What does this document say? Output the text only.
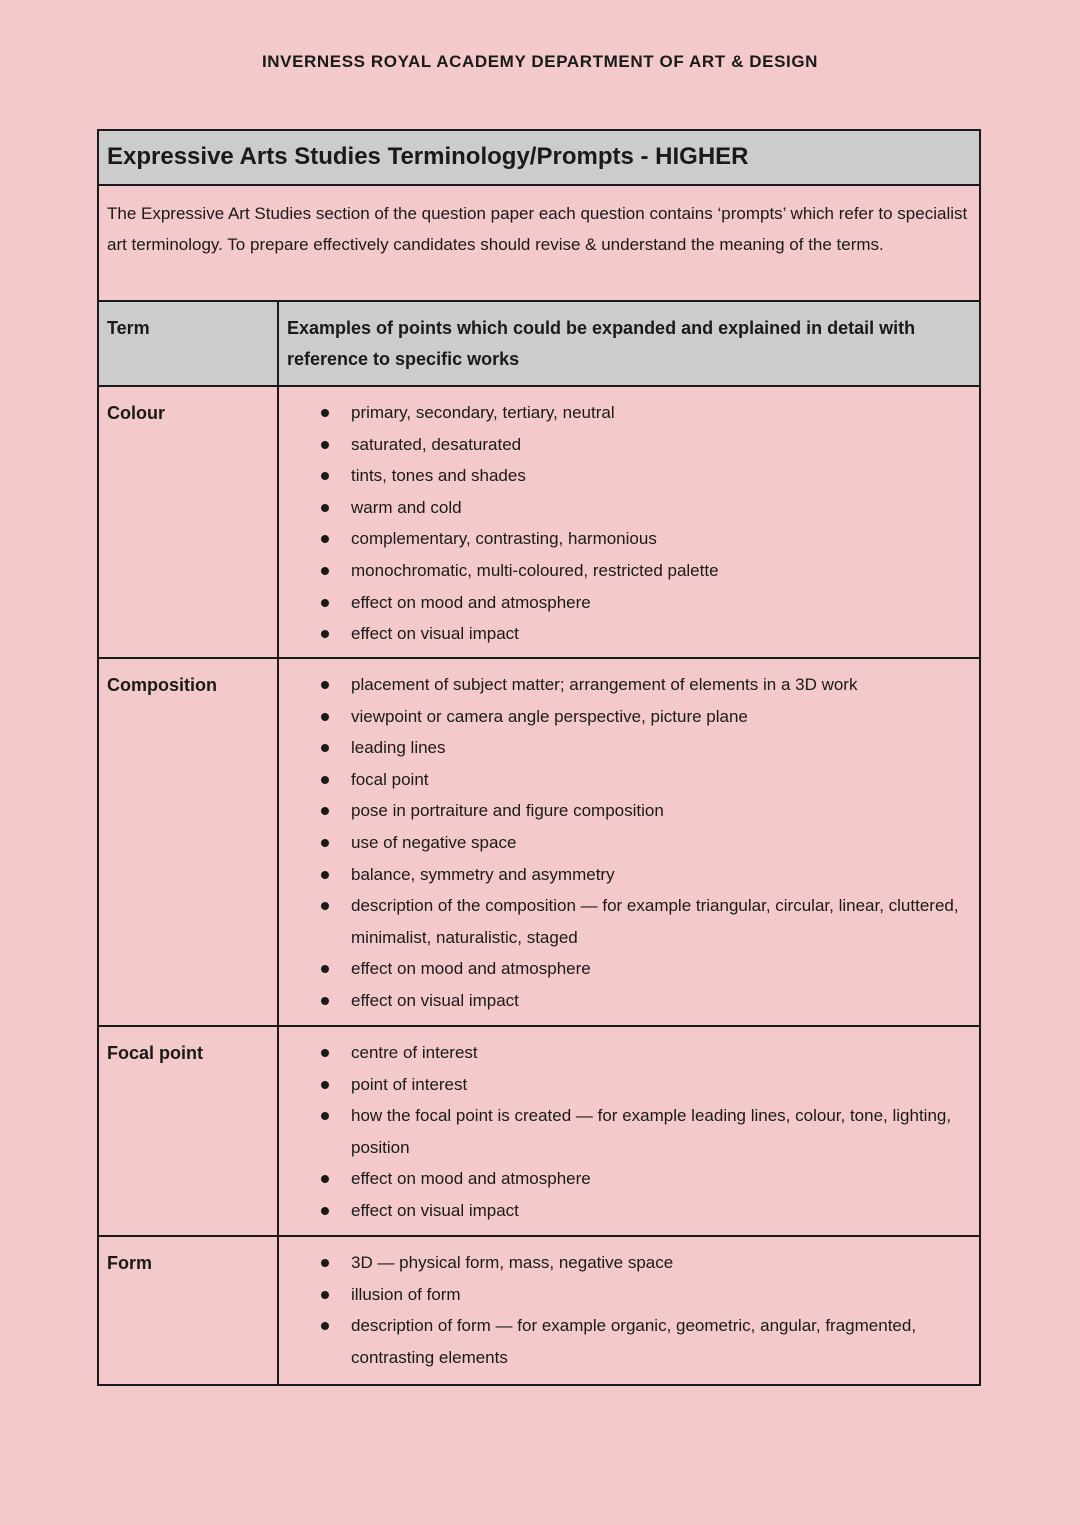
INVERNESS ROYAL ACADEMY DEPARTMENT OF ART & DESIGN
Expressive Arts Studies Terminology/Prompts - HIGHER
The Expressive Art Studies section of the question paper each question contains ‘prompts’ which refer to specialist art terminology. To prepare effectively candidates should revise & understand the meaning of the terms.
Term	Examples of points which could be expanded and explained in detail with reference to specific works
Colour	primary, secondary, tertiary, neutral
saturated, desaturated
tints, tones and shades
warm and cold
complementary, contrasting, harmonious
monochromatic, multi-coloured, restricted palette
effect on mood and atmosphere
effect on visual impact
Composition	placement of subject matter; arrangement of elements in a 3D work
viewpoint or camera angle perspective, picture plane
leading lines
focal point
pose in portraiture and figure composition
use of negative space
balance, symmetry and asymmetry
description of the composition — for example triangular, circular, linear, cluttered, minimalist, naturalistic, staged
effect on mood and atmosphere
effect on visual impact
Focal point	centre of interest
point of interest
how the focal point is created — for example leading lines, colour, tone, lighting, position
effect on mood and atmosphere
effect on visual impact
Form	3D — physical form, mass, negative space
illusion of form
description of form — for example organic, geometric, angular, fragmented, contrasting elements
